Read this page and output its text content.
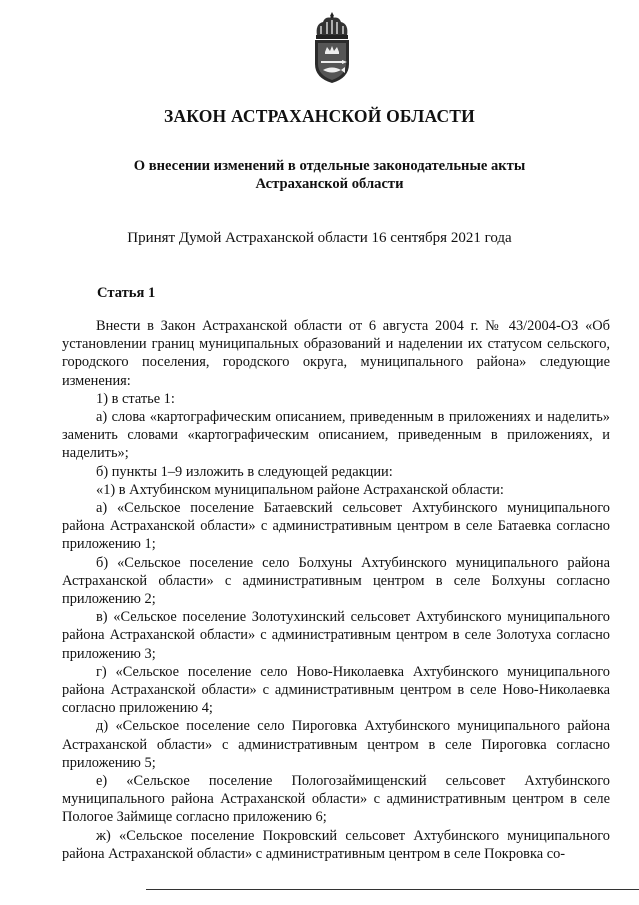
ЗАКОН АСТРАХАНСКОЙ ОБЛАСТИ
О внесении изменений в отдельные законодательные акты
Астраханской области
Принят Думой Астраханской области 16 сентября 2021 года
Статья 1

Внести в Закон Астраханской области от 6 августа 2004 г. № 43/2004-ОЗ «Об установлении границ муниципальных образований и наделении их статусом сельского, городского поселения, городского округа, муниципального района» следующие изменения:

1) в статье 1:

а) слова «картографическим описанием, приведенным в приложениях и наделить» заменить словами «картографическим описанием, приведенным в приложениях, и наделить»;

б) пункты 1–9 изложить в следующей редакции:

«1) в Ахтубинском муниципальном районе Астраханской области:

а) «Сельское поселение Батаевский сельсовет Ахтубинского муниципального района Астраханской области» с административным центром в селе Батаевка согласно приложению 1;

б) «Сельское поселение село Болхуны Ахтубинского муниципального района Астраханской области» с административным центром в селе Болхуны согласно приложению 2;

в) «Сельское поселение Золотухинский сельсовет Ахтубинского муниципального района Астраханской области» с административным центром в селе Золотуха согласно приложению 3;

г) «Сельское поселение село Ново-Николаевка Ахтубинского муниципального района Астраханской области» с административным центром в селе Ново-Николаевка согласно приложению 4;

д) «Сельское поселение село Пироговка Ахтубинского муниципального района Астраханской области» с административным центром в селе Пироговка согласно приложению 5;

е) «Сельское поселение Пологозаймищенский сельсовет Ахтубинского муниципального района Астраханской области» с административным центром в селе Пологое Займище согласно приложению 6;

ж) «Сельское поселение Покровский сельсовет Ахтубинского муниципального района Астраханской области» с административным центром в селе Покровка со-
